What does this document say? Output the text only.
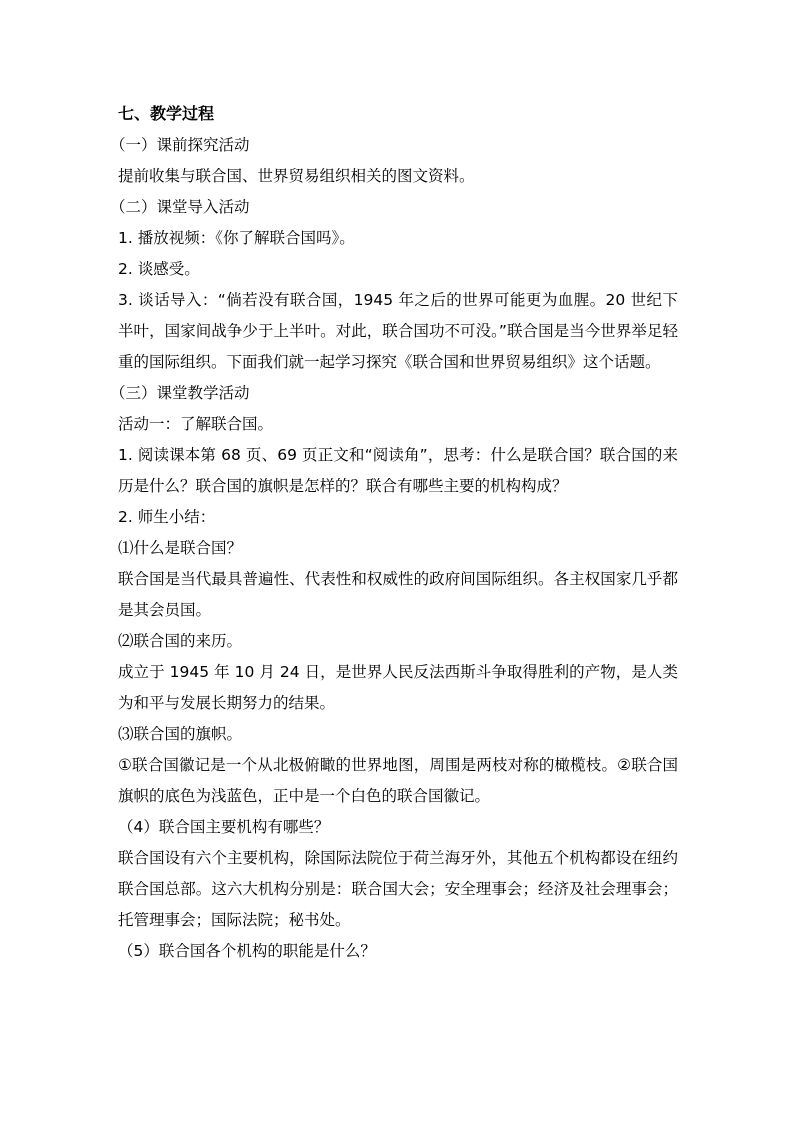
七、教学过程

（一）课前探究活动

提前收集与联合国、世界贸易组织相关的图文资料。

（二）课堂导入活动

1. 播放视频：《你了解联合国吗》。

2. 谈感受。

3. 谈话导入：“倘若没有联合国，1945 年之后的世界可能更为血腥。20 世纪下半叶，国家间战争少于上半叶。对此，联合国功不可没。”联合国是当今世界举足轻重的国际组织。下面我们就一起学习探究《联合国和世界贸易组织》这个话题。

（三）课堂教学活动

活动一：了解联合国。

1. 阅读课本第 68 页、69 页正文和“阅读角”，思考：什么是联合国？联合国的来历是什么？联合国的旗帜是怎样的？联合有哪些主要的机构构成？

2. 师生小结：

⑴什么是联合国？

联合国是当代最具普遍性、代表性和权威性的政府间国际组织。各主权国家几乎都是其会员国。

⑵联合国的来历。

成立于 1945 年 10 月 24 日，是世界人民反法西斯斗争取得胜利的产物，是人类为和平与发展长期努力的结果。

⑶联合国的旗帜。

①联合国徽记是一个从北极俯瞰的世界地图，周围是两枝对称的橄榄枝。②联合国旗帜的底色为浅蓝色，正中是一个白色的联合国徽记。

（4）联合国主要机构有哪些？

联合国设有六个主要机构，除国际法院位于荷兰海牙外，其他五个机构都设在纽约联合国总部。这六大机构分别是：联合国大会；安全理事会；经济及社会理事会；托管理事会；国际法院；秘书处。

（5）联合国各个机构的职能是什么？
